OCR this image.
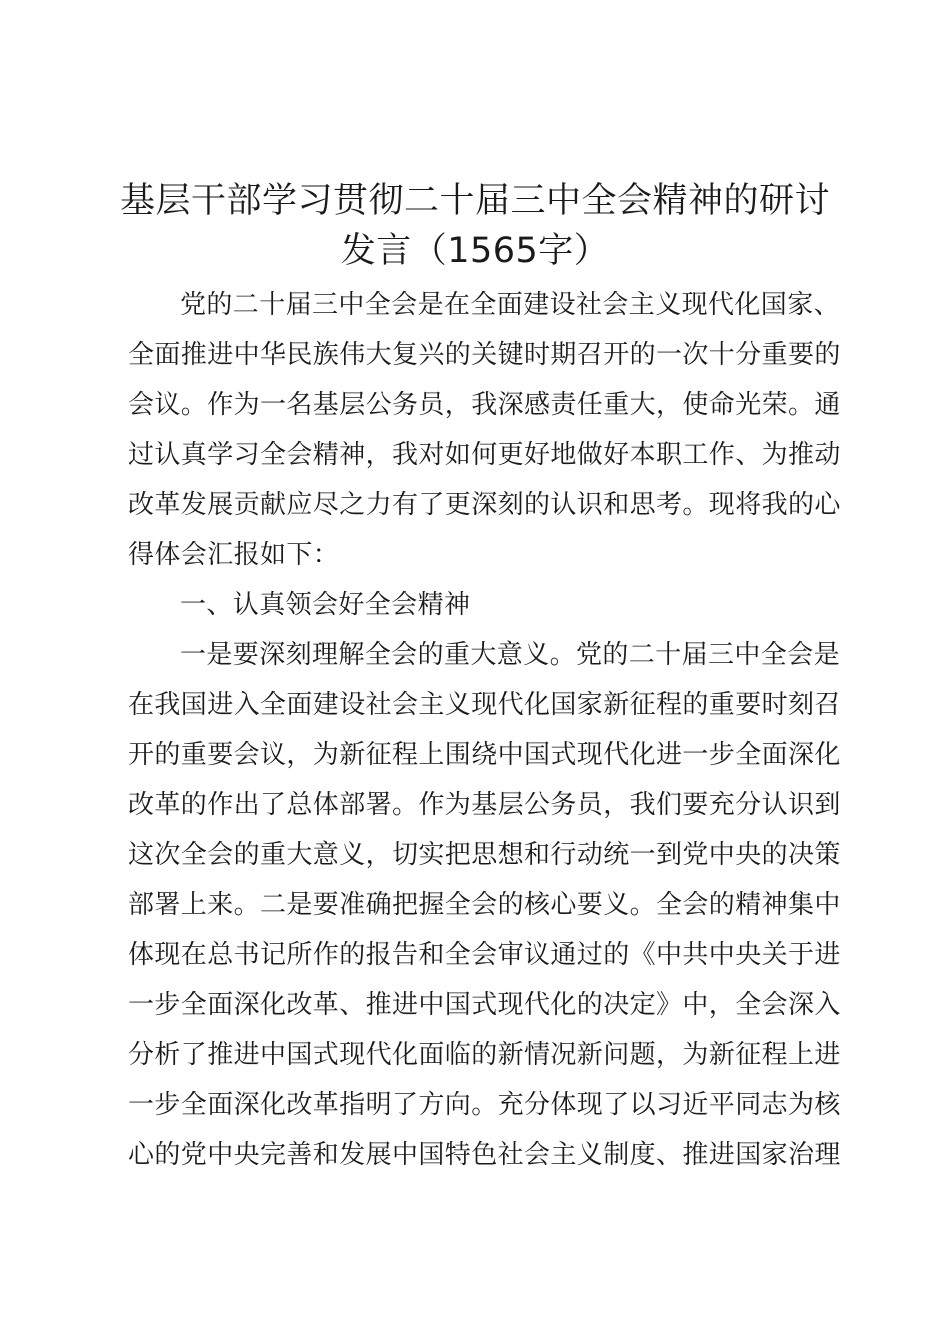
基层干部学习贯彻二十届三中全会精神的研讨
发言（1565字）
党的二十届三中全会是在全面建设社会主义现代化国家、
全面推进中华民族伟大复兴的关键时期召开的一次十分重要的
会议。作为一名基层公务员，我深感责任重大，使命光荣。通
过认真学习全会精神，我对如何更好地做好本职工作、为推动
改革发展贡献应尽之力有了更深刻的认识和思考。现将我的心
得体会汇报如下：
一、认真领会好全会精神
一是要深刻理解全会的重大意义。党的二十届三中全会是
在我国进入全面建设社会主义现代化国家新征程的重要时刻召
开的重要会议，为新征程上围绕中国式现代化进一步全面深化
改革的作出了总体部署。作为基层公务员，我们要充分认识到
这次全会的重大意义，切实把思想和行动统一到党中央的决策
部署上来。二是要准确把握全会的核心要义。全会的精神集中
体现在总书记所作的报告和全会审议通过的《中共中央关于进
一步全面深化改革、推进中国式现代化的决定》中，全会深入
分析了推进中国式现代化面临的新情况新问题，为新征程上进
一步全面深化改革指明了方向。充分体现了以习近平同志为核
心的党中央完善和发展中国特色社会主义制度、推进国家治理
